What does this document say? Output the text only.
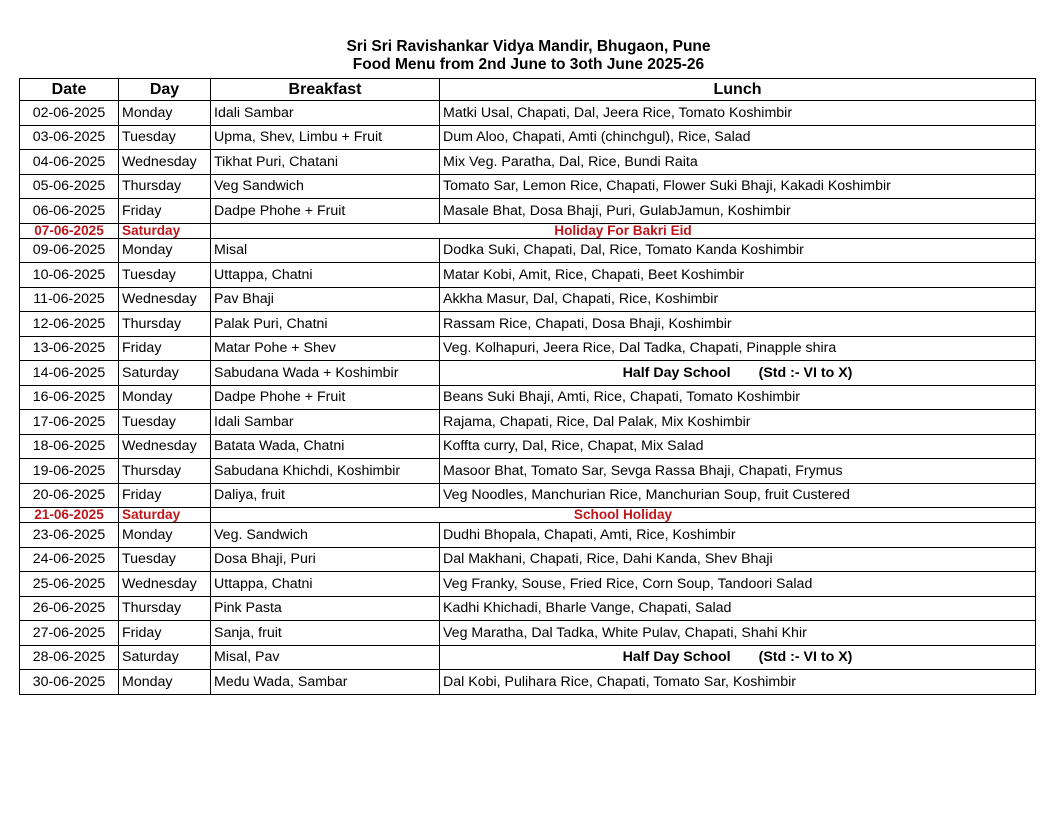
Sri Sri Ravishankar Vidya Mandir, Bhugaon, Pune
Food Menu from 2nd June to 3oth June 2025-26
Date	Day	Breakfast	Lunch
02-06-2025	Monday	Idali Sambar	Matki Usal, Chapati, Dal, Jeera Rice, Tomato Koshimbir
03-06-2025	Tuesday	Upma, Shev, Limbu + Fruit	Dum Aloo, Chapati, Amti (chinchgul), Rice, Salad
04-06-2025	Wednesday	Tikhat Puri, Chatani	Mix Veg. Paratha, Dal, Rice, Bundi Raita
05-06-2025	Thursday	Veg Sandwich	Tomato Sar, Lemon Rice, Chapati, Flower Suki Bhaji, Kakadi Koshimbir
06-06-2025	Friday	Dadpe Phohe + Fruit	Masale Bhat, Dosa Bhaji, Puri, GulabJamun, Koshimbir
07-06-2025	Saturday	Holiday For Bakri Eid	
09-06-2025	Monday	Misal	Dodka Suki, Chapati, Dal, Rice, Tomato Kanda Koshimbir
10-06-2025	Tuesday	Uttappa, Chatni	Matar Kobi, Amit, Rice, Chapati, Beet Koshimbir
11-06-2025	Wednesday	Pav Bhaji	Akkha Masur, Dal, Chapati, Rice, Koshimbir
12-06-2025	Thursday	Palak Puri, Chatni	Rassam Rice, Chapati, Dosa Bhaji, Koshimbir
13-06-2025	Friday	Matar Pohe + Shev	Veg. Kolhapuri, Jeera Rice, Dal Tadka, Chapati, Pinapple shira
14-06-2025	Saturday	Sabudana Wada + Koshimbir	Half Day School (Std :- VI to X)
16-06-2025	Monday	Dadpe Phohe + Fruit	Beans Suki Bhaji, Amti, Rice, Chapati, Tomato Koshimbir
17-06-2025	Tuesday	Idali Sambar	Rajama, Chapati, Rice, Dal Palak, Mix Koshimbir
18-06-2025	Wednesday	Batata Wada, Chatni	Koffta curry, Dal, Rice, Chapat, Mix Salad
19-06-2025	Thursday	Sabudana Khichdi, Koshimbir	Masoor Bhat, Tomato Sar, Sevga Rassa Bhaji, Chapati, Frymus
20-06-2025	Friday	Daliya, fruit	Veg Noodles, Manchurian Rice, Manchurian Soup, fruit Custered
21-06-2025	Saturday	School Holiday	
23-06-2025	Monday	Veg. Sandwich	Dudhi Bhopala, Chapati, Amti, Rice, Koshimbir
24-06-2025	Tuesday	Dosa Bhaji, Puri	Dal Makhani, Chapati, Rice, Dahi Kanda, Shev Bhaji
25-06-2025	Wednesday	Uttappa, Chatni	Veg Franky, Souse, Fried Rice, Corn Soup, Tandoori Salad
26-06-2025	Thursday	Pink Pasta	Kadhi Khichadi, Bharle Vange, Chapati, Salad
27-06-2025	Friday	Sanja, fruit	Veg Maratha, Dal Tadka, White Pulav, Chapati, Shahi Khir
28-06-2025	Saturday	Misal, Pav	Half Day School (Std :- VI to X)
30-06-2025	Monday	Medu Wada, Sambar	Dal Kobi, Pulihara Rice, Chapati, Tomato Sar, Koshimbir
